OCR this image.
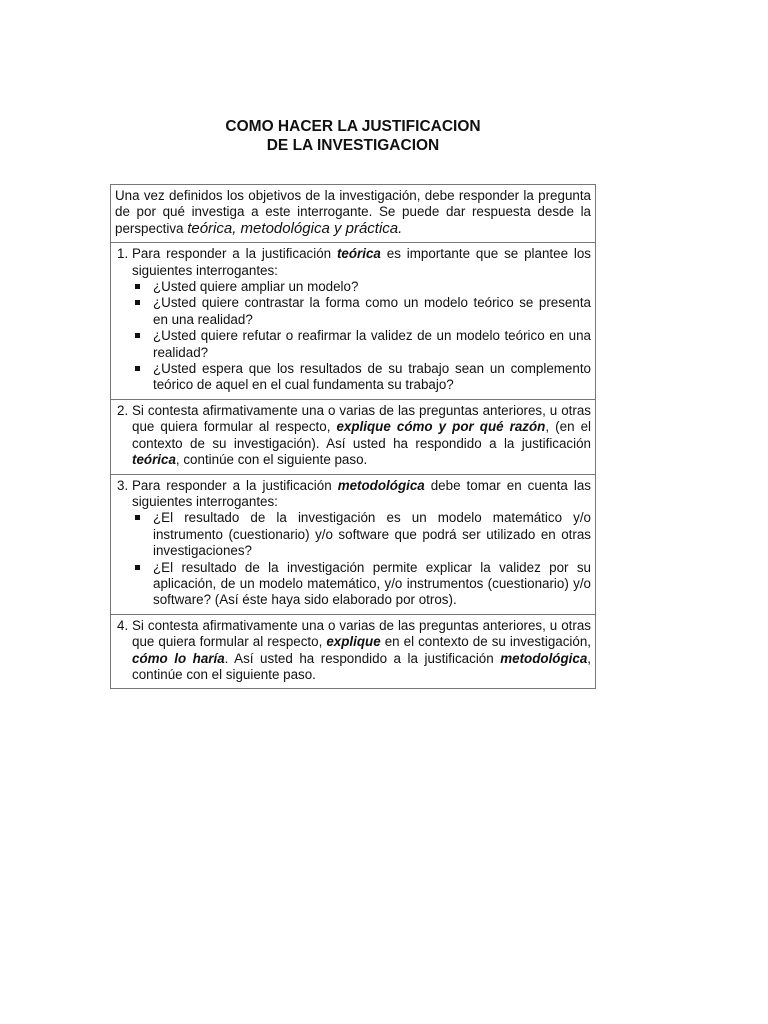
COMO HACER LA JUSTIFICACION
DE LA INVESTIGACION
Una vez definidos los objetivos de la investigación, debe responder la pregunta de por qué investiga a este interrogante. Se puede dar respuesta desde la perspectiva teórica, metodológica y práctica.
1. Para responder a la justificación teórica es importante que se plantee los siguientes interrogantes:
¿Usted quiere ampliar un modelo?
¿Usted quiere contrastar la forma como un modelo teórico se presenta en una realidad?
¿Usted quiere refutar o reafirmar la validez de un modelo teórico en una realidad?
¿Usted espera que los resultados de su trabajo sean un complemento teórico de aquel en el cual fundamenta su trabajo?
2. Si contesta afirmativamente una o varias de las preguntas anteriores, u otras que quiera formular al respecto, explique cómo y por qué razón, (en el contexto de su investigación). Así usted ha respondido a la justificación teórica, continúe con el siguiente paso.
3. Para responder a la justificación metodológica debe tomar en cuenta las siguientes interrogantes:
¿El resultado de la investigación es un modelo matemático y/o instrumento (cuestionario) y/o software que podrá ser utilizado en otras investigaciones?
¿El resultado de la investigación permite explicar la validez por su aplicación, de un modelo matemático, y/o instrumentos (cuestionario) y/o software? (Así éste haya sido elaborado por otros).
4. Si contesta afirmativamente una o varias de las preguntas anteriores, u otras que quiera formular al respecto, explique en el contexto de su investigación, cómo lo haría. Así usted ha respondido a la justificación metodológica, continúe con el siguiente paso.
